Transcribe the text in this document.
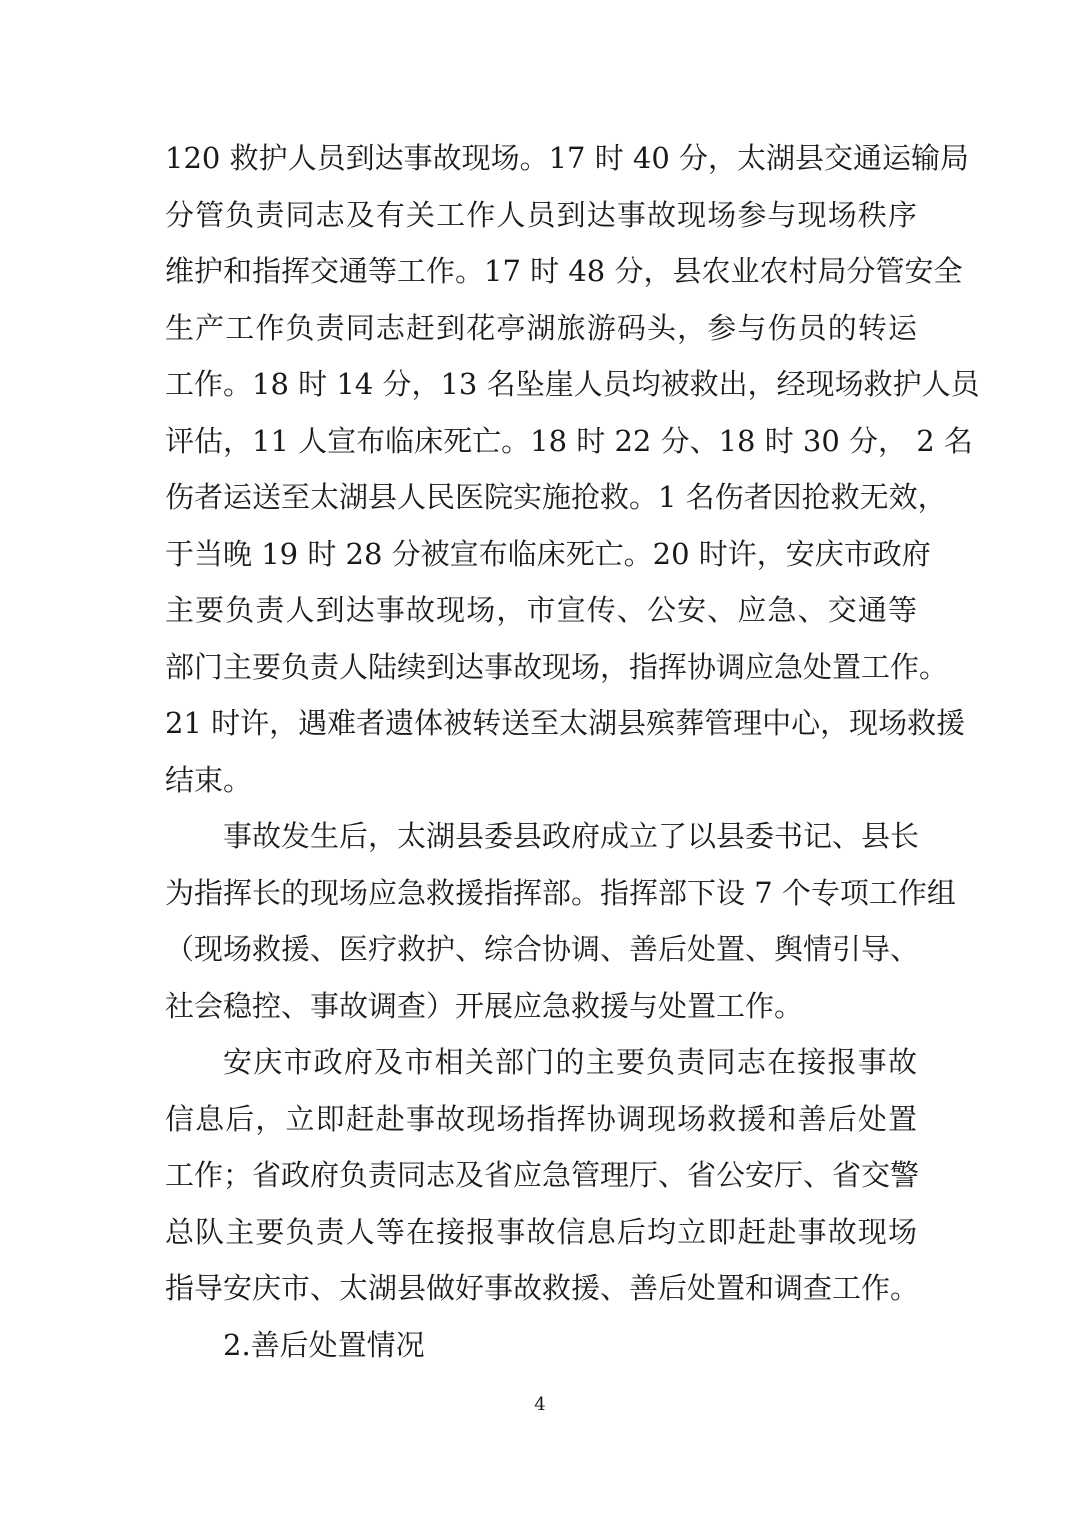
120 救护人员到达事故现场。17 时 40 分，太湖县交通运输局
分管负责同志及有关工作人员到达事故现场参与现场秩序
维护和指挥交通等工作。17 时 48 分，县农业农村局分管安全
生产工作负责同志赶到花亭湖旅游码头，参与伤员的转运
工作。18 时 14 分，13 名坠崖人员均被救出，经现场救护人员
评估，11 人宣布临床死亡。18 时 22 分、18 时 30 分， 2 名
伤者运送至太湖县人民医院实施抢救。1 名伤者因抢救无效，
于当晚 19 时 28 分被宣布临床死亡。20 时许，安庆市政府
主要负责人到达事故现场，市宣传、公安、应急、交通等
部门主要负责人陆续到达事故现场，指挥协调应急处置工作。
21 时许，遇难者遗体被转送至太湖县殡葬管理中心，现场救援
结束。
事故发生后，太湖县委县政府成立了以县委书记、县长
为指挥长的现场应急救援指挥部。指挥部下设 7 个专项工作组
（现场救援、医疗救护、综合协调、善后处置、舆情引导、
社会稳控、事故调查）开展应急救援与处置工作。
安庆市政府及市相关部门的主要负责同志在接报事故
信息后，立即赶赴事故现场指挥协调现场救援和善后处置
工作；省政府负责同志及省应急管理厅、省公安厅、省交警
总队主要负责人等在接报事故信息后均立即赶赴事故现场
指导安庆市、太湖县做好事故救援、善后处置和调查工作。
2.善后处置情况
4
